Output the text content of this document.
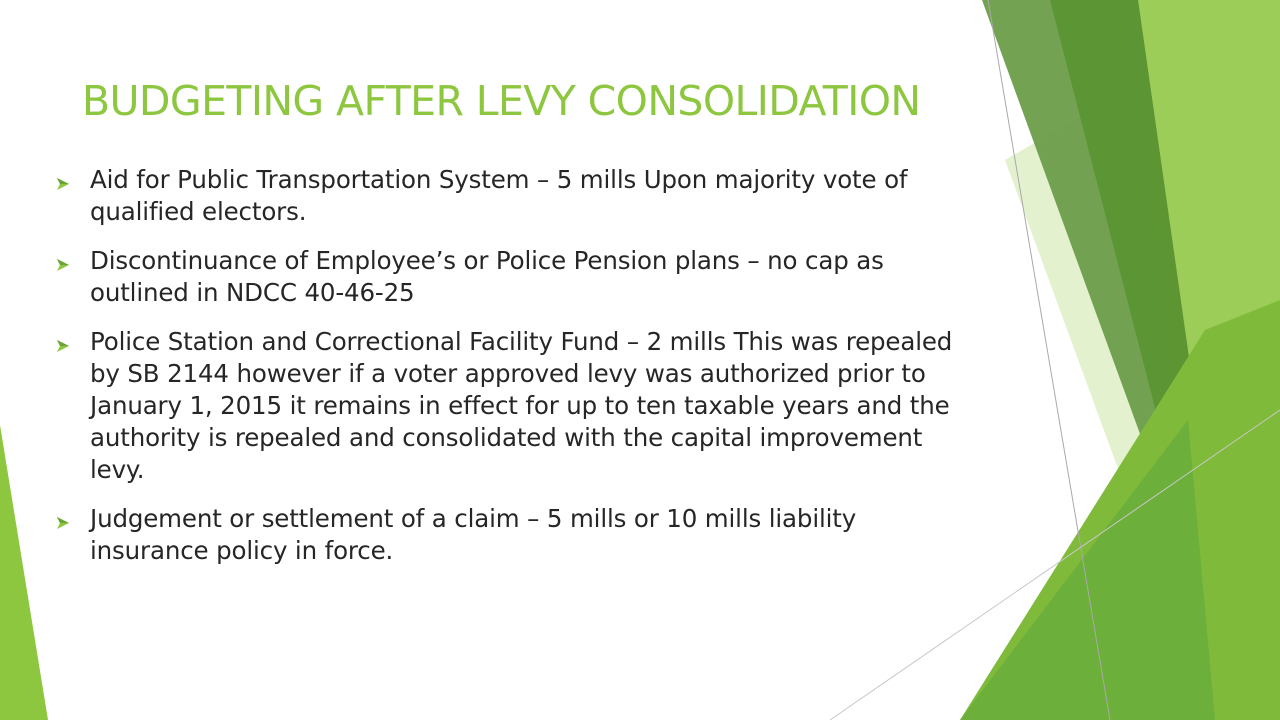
BUDGETING AFTER LEVY CONSOLIDATION
Aid for Public Transportation System – 5 mills Upon majority vote of qualified electors.
Discontinuance of Employee’s or Police Pension plans – no cap as outlined in NDCC 40-46-25
Police Station and Correctional Facility Fund – 2 mills This was repealed by SB 2144 however if a voter approved levy was authorized prior to January 1, 2015 it remains in effect for up to ten taxable years and the authority is repealed and consolidated with the capital improvement levy.
Judgement or settlement of a claim – 5 mills or 10 mills liability insurance policy in force.
